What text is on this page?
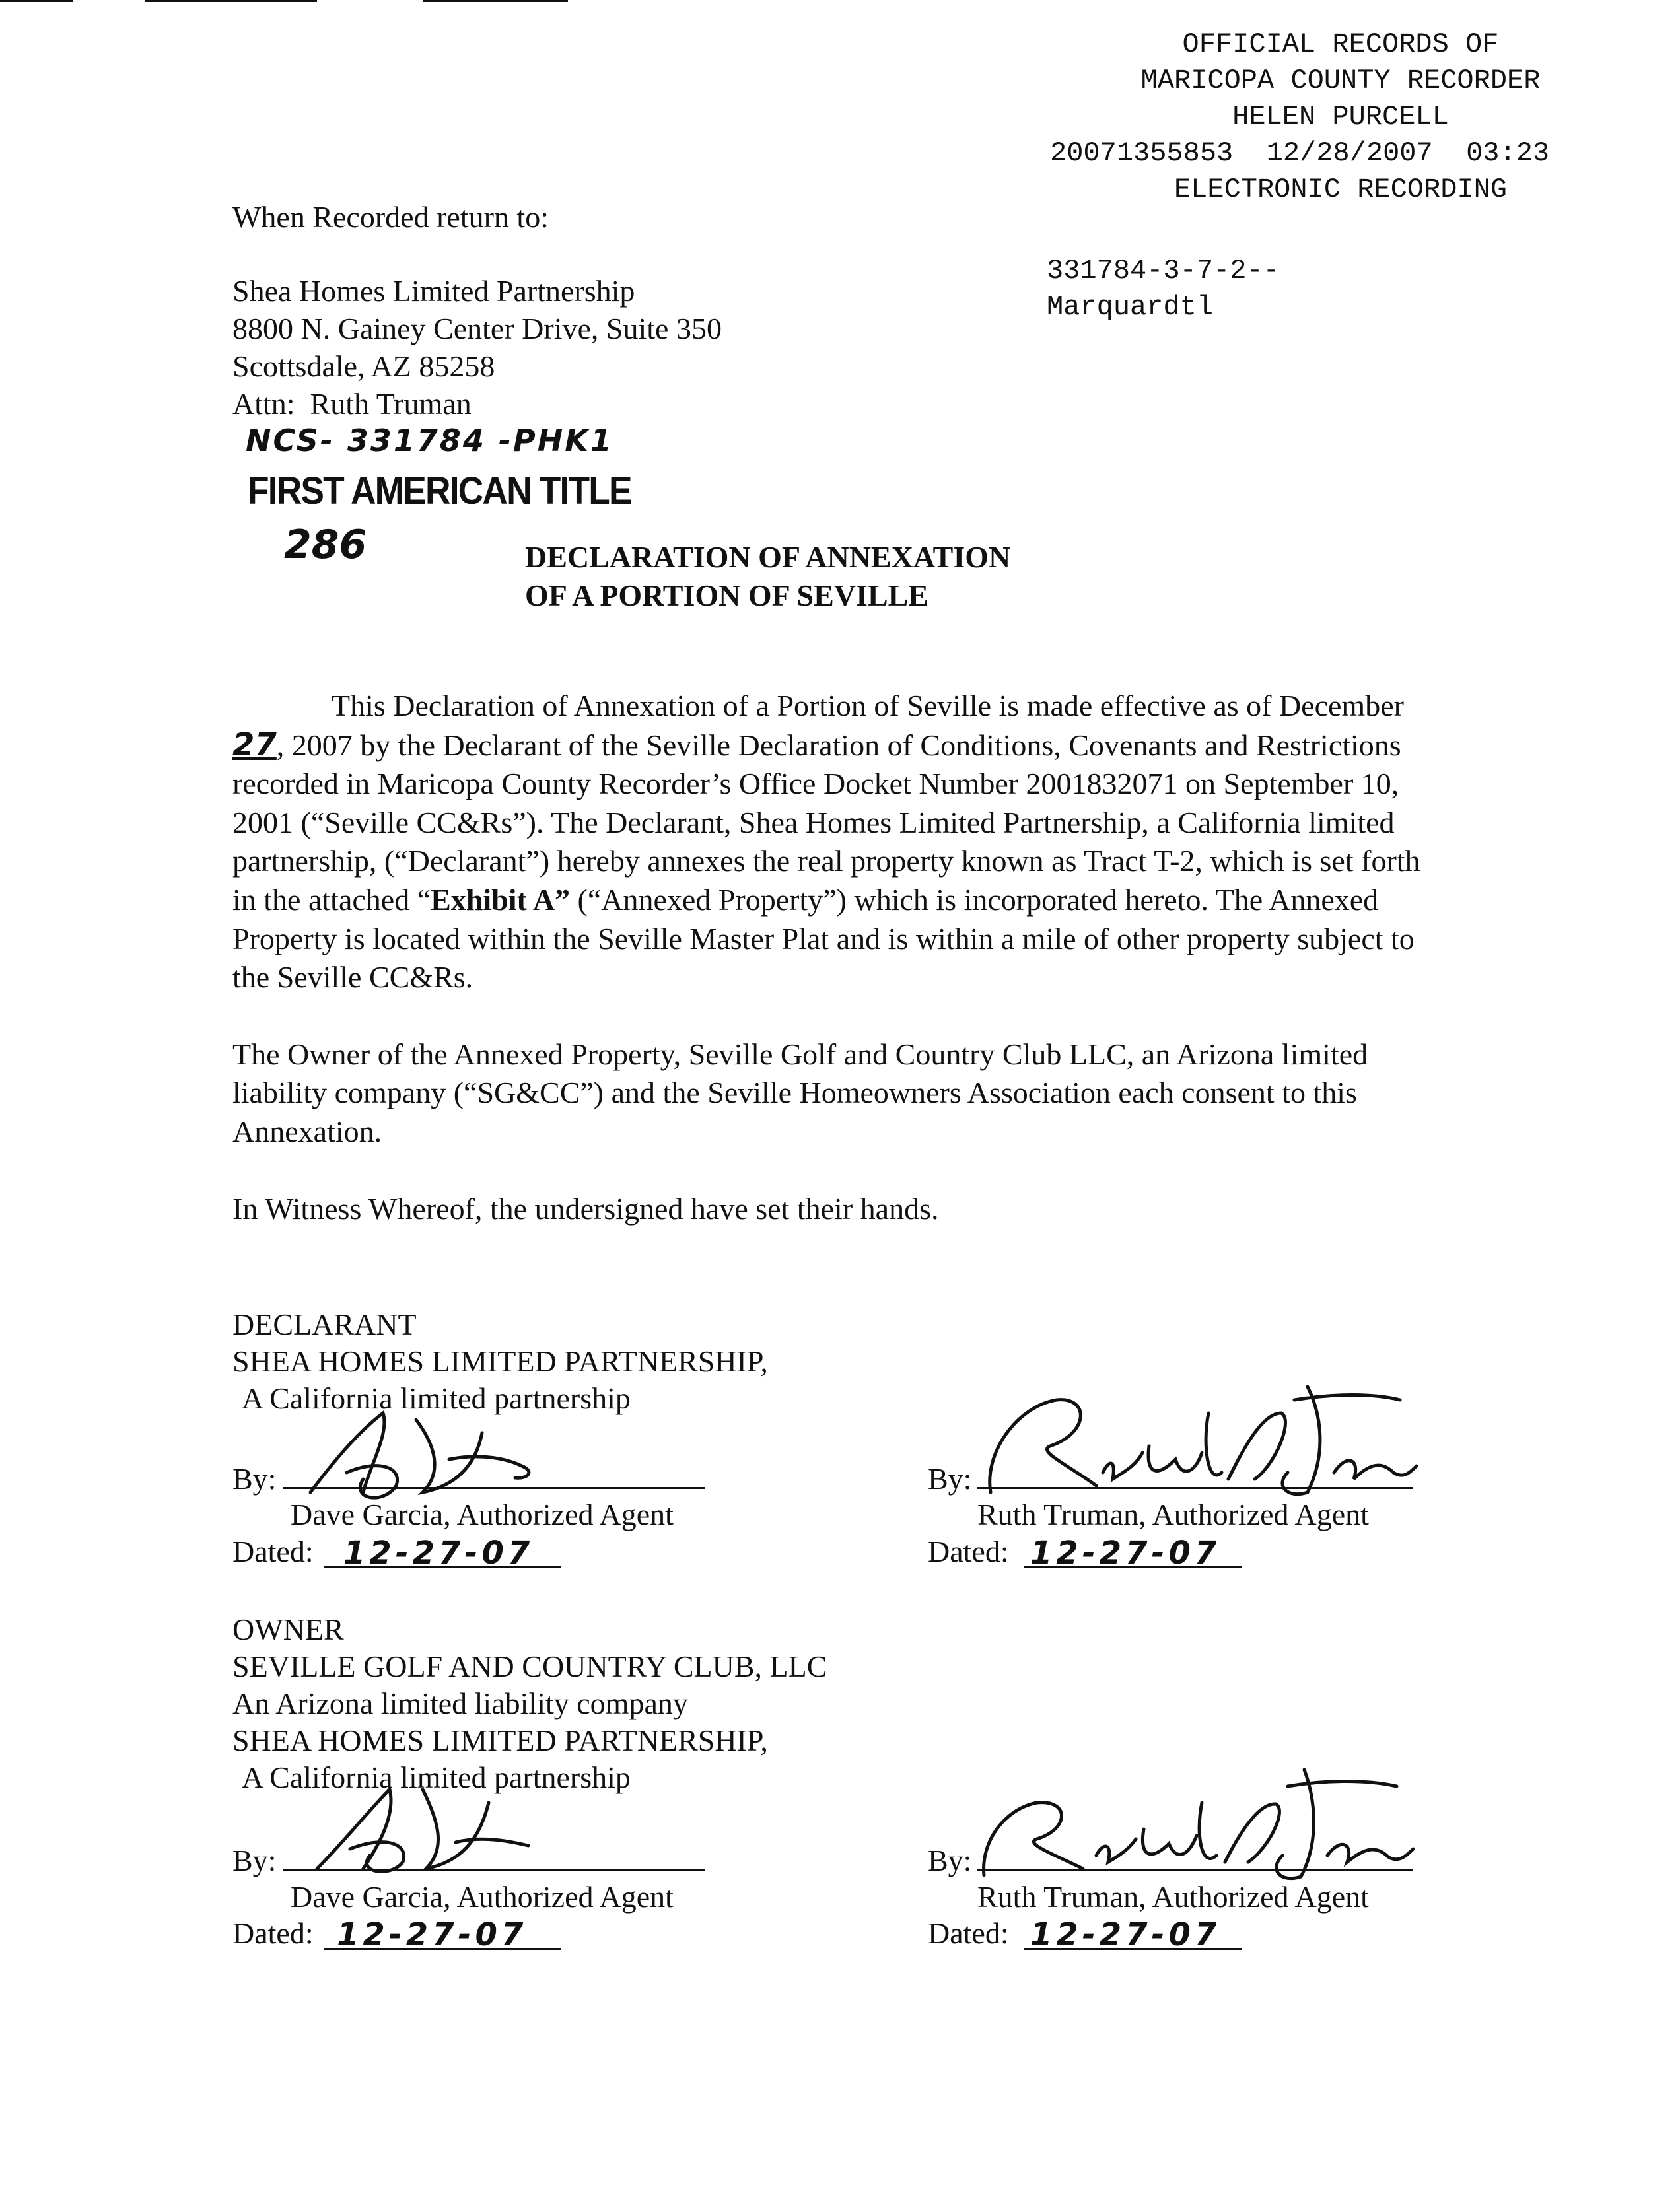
OFFICIAL RECORDS OF
MARICOPA COUNTY RECORDER
HELEN PURCELL
20071355853  12/28/2007  03:23
ELECTRONIC RECORDING
331784-3-7-2--
Marquardtl
When Recorded return to:
Shea Homes Limited Partnership
8800 N. Gainey Center Drive, Suite 350
Scottsdale, AZ 85258
Attn:  Ruth Truman
NCS- 331784 -PHK1
FIRST AMERICAN TITLE
286	DECLARATION OF ANNEXATION
OF A PORTION OF SEVILLE

This Declaration of Annexation of a Portion of Seville is made effective as of December 27, 2007 by the Declarant of the Seville Declaration of Conditions, Covenants and Restrictions recorded in Maricopa County Recorder’s Office Docket Number 2001832071 on September 10, 2001 (“Seville CC&Rs”). The Declarant, Shea Homes Limited Partnership, a California limited partnership, (“Declarant”) hereby annexes the real property known as Tract T-2, which is set forth in the attached “Exhibit A” (“Annexed Property”) which is incorporated hereto. The Annexed Property is located within the Seville Master Plat and is within a mile of other property subject to the Seville CC&Rs.

The Owner of the Annexed Property, Seville Golf and Country Club LLC, an Arizona limited liability company (“SG&CC”) and the Seville Homeowners Association each consent to this Annexation.

In Witness Whereof, the undersigned have set their hands.

DECLARANT
SHEA HOMES LIMITED PARTNERSHIP,
A California limited partnership
By:
Dave Garcia, Authorized Agent
Dated: 12-27-07
By:
Ruth Truman, Authorized Agent
Dated: 12-27-07
OWNER
SEVILLE GOLF AND COUNTRY CLUB, LLC
An Arizona limited liability company
SHEA HOMES LIMITED PARTNERSHIP,
A California limited partnership
By:
Dave Garcia, Authorized Agent
Dated: 12-27-07
By:
Ruth Truman, Authorized Agent
Dated: 12-27-07
